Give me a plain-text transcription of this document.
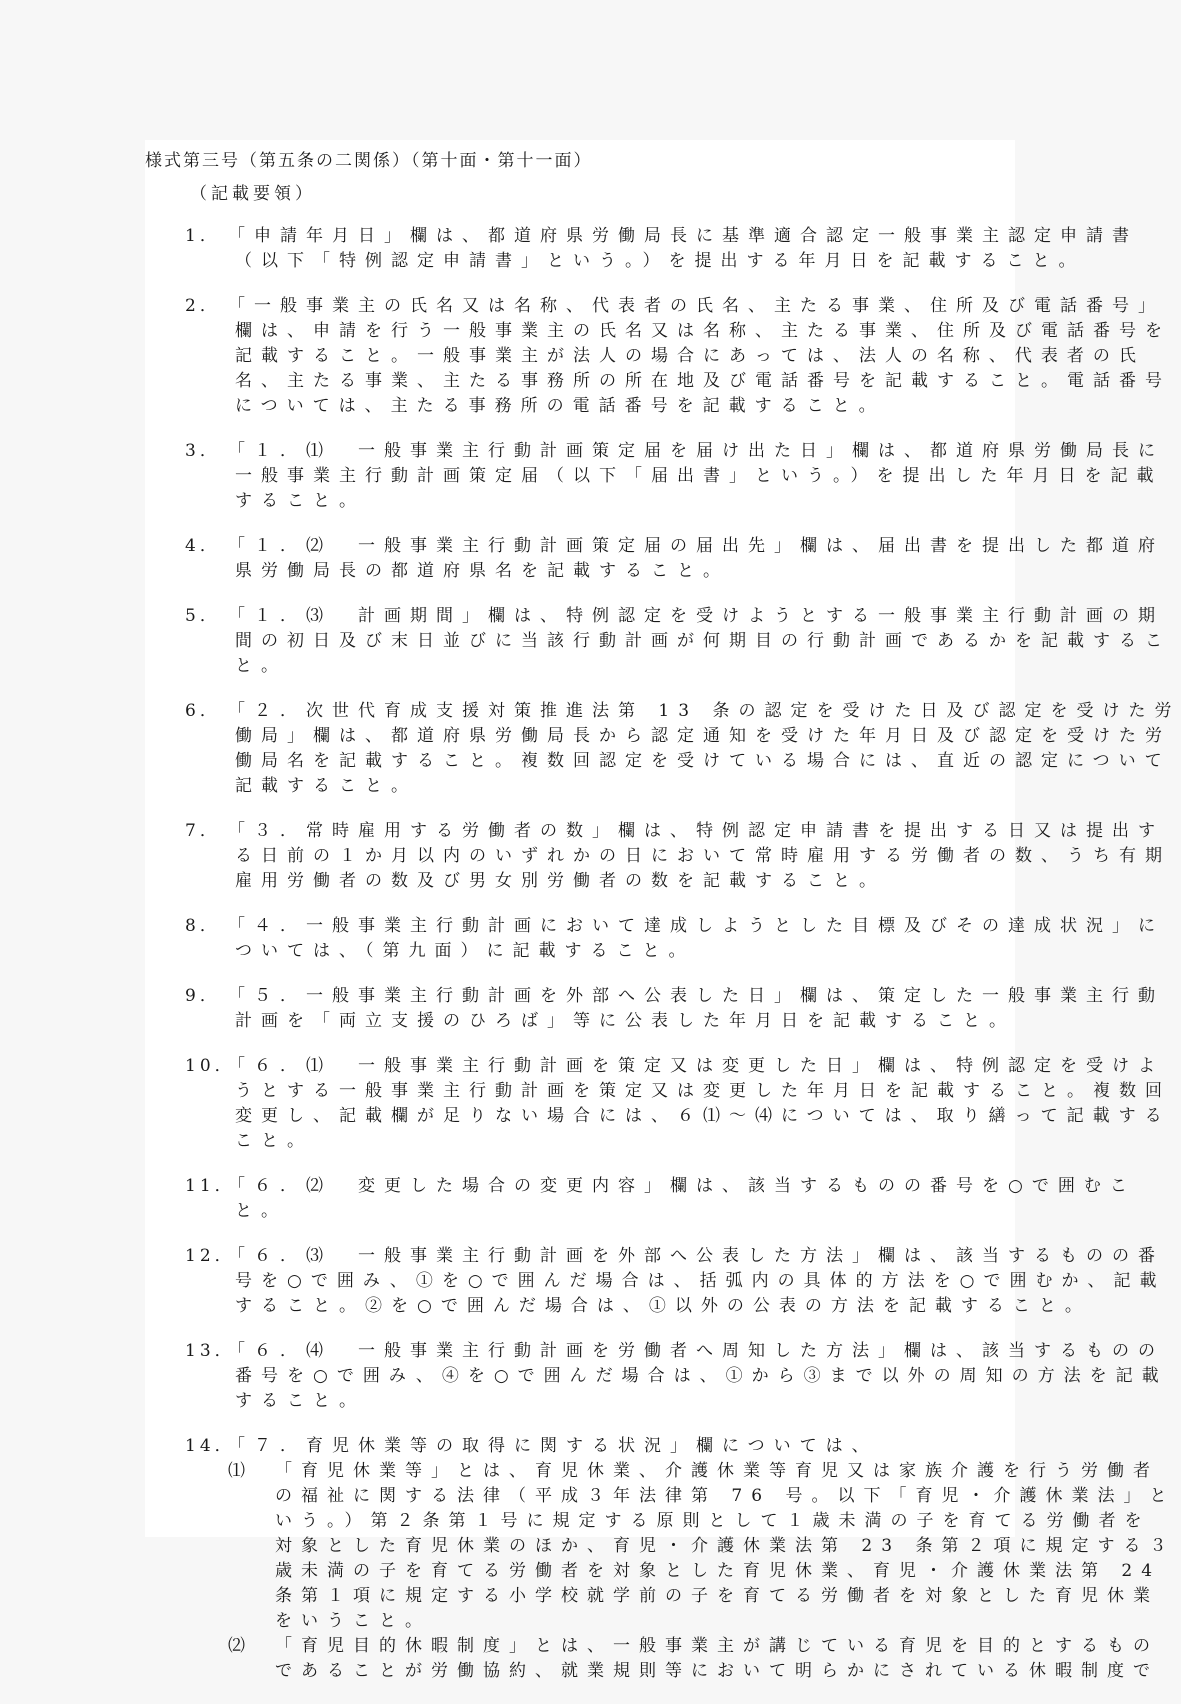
様式第三号（第五条の二関係）（第十面・第十一面）
（記載要領）
1． 「申請年月日」欄は、都道府県労働局長に基準適合認定一般事業主認定申請書
（以下「特例認定申請書」という。）を提出する年月日を記載すること。
2． 「一般事業主の氏名又は名称、代表者の氏名、主たる事業、住所及び電話番号」
欄は、申請を行う一般事業主の氏名又は名称、主たる事業、住所及び電話番号を
記載すること。一般事業主が法人の場合にあっては、法人の名称、代表者の氏
名、主たる事業、主たる事務所の所在地及び電話番号を記載すること。電話番号
については、主たる事務所の電話番号を記載すること。
3． 「１．⑴　一般事業主行動計画策定届を届け出た日」欄は、都道府県労働局長に
一般事業主行動計画策定届（以下「届出書」という。）を提出した年月日を記載
すること。
4． 「１．⑵　一般事業主行動計画策定届の届出先」欄は、届出書を提出した都道府
県労働局長の都道府県名を記載すること。
5． 「１．⑶　計画期間」欄は、特例認定を受けようとする一般事業主行動計画の期
間の初日及び末日並びに当該行動計画が何期目の行動計画であるかを記載するこ
と。
6． 「２．次世代育成支援対策推進法第 13 条の認定を受けた日及び認定を受けた労
働局」欄は、都道府県労働局長から認定通知を受けた年月日及び認定を受けた労
働局名を記載すること。複数回認定を受けている場合には、直近の認定について
記載すること。
7． 「３．常時雇用する労働者の数」欄は、特例認定申請書を提出する日又は提出す
る日前の１か月以内のいずれかの日において常時雇用する労働者の数、うち有期
雇用労働者の数及び男女別労働者の数を記載すること。
8． 「４．一般事業主行動計画において達成しようとした目標及びその達成状況」に
ついては、（第九面）に記載すること。
9． 「５．一般事業主行動計画を外部へ公表した日」欄は、策定した一般事業主行動
計画を「両立支援のひろば」等に公表した年月日を記載すること。
10．
「６．⑴　一般事業主行動計画を策定又は変更した日」欄は、特例認定を受けよ
うとする一般事業主行動計画を策定又は変更した年月日を記載すること。複数回
変更し、記載欄が足りない場合には、６⑴～⑷については、取り繕って記載する
こと。
11．
「６．⑵　変更した場合の変更内容」欄は、該当するものの番号を○で囲むこ
と。
12．
「６．⑶　一般事業主行動計画を外部へ公表した方法」欄は、該当するものの番
号を○で囲み、①を○で囲んだ場合は、括弧内の具体的方法を○で囲むか、記載
すること。②を○で囲んだ場合は、①以外の公表の方法を記載すること。
13．
「６．⑷　一般事業主行動計画を労働者へ周知した方法」欄は、該当するものの
番号を○で囲み、④を○で囲んだ場合は、①から③まで以外の周知の方法を記載
すること。
14．
「７．育児休業等の取得に関する状況」欄については、
⑴	「育児休業等」とは、育児休業、介護休業等育児又は家族介護を行う労働者
の福祉に関する法律（平成３年法律第 76 号。以下「育児・介護休業法」と
いう。）第２条第１号に規定する原則として１歳未満の子を育てる労働者を
対象とした育児休業のほか、育児・介護休業法第 23 条第２項に規定する３
歳未満の子を育てる労働者を対象とした育児休業、育児・介護休業法第 24
条第１項に規定する小学校就学前の子を育てる労働者を対象とした育児休業
をいうこと。
⑵	「育児目的休暇制度」とは、一般事業主が講じている育児を目的とするもの
であることが労働協約、就業規則等において明らかにされている休暇制度で
